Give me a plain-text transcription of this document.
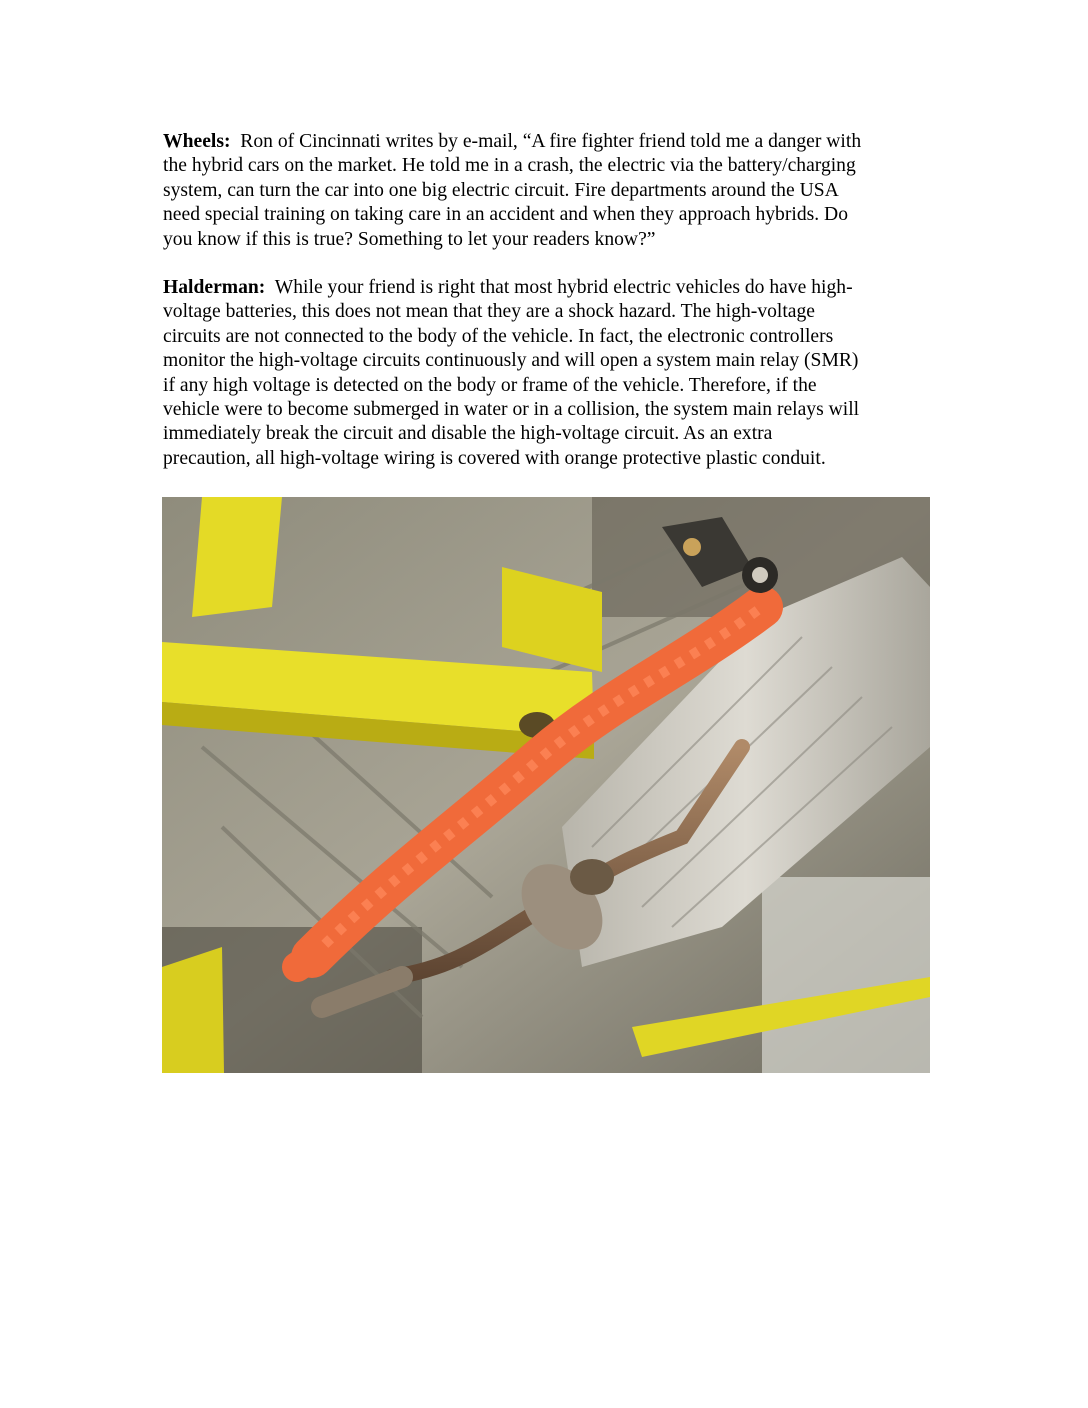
Wheels: Ron of Cincinnati writes by e-mail, “A fire fighter friend told me a danger with
the hybrid cars on the market. He told me in a crash, the electric via the battery/charging
system, can turn the car into one big electric circuit. Fire departments around the USA
need special training on taking care in an accident and when they approach hybrids. Do
you know if this is true? Something to let your readers know?”
Halderman: While your friend is right that most hybrid electric vehicles do have high-
voltage batteries, this does not mean that they are a shock hazard. The high-voltage
circuits are not connected to the body of the vehicle. In fact, the electronic controllers
monitor the high-voltage circuits continuously and will open a system main relay (SMR)
if any high voltage is detected on the body or frame of the vehicle. Therefore, if the
vehicle were to become submerged in water or in a collision, the system main relays will
immediately break the circuit and disable the high-voltage circuit. As an extra
precaution, all high-voltage wiring is covered with orange protective plastic conduit.
